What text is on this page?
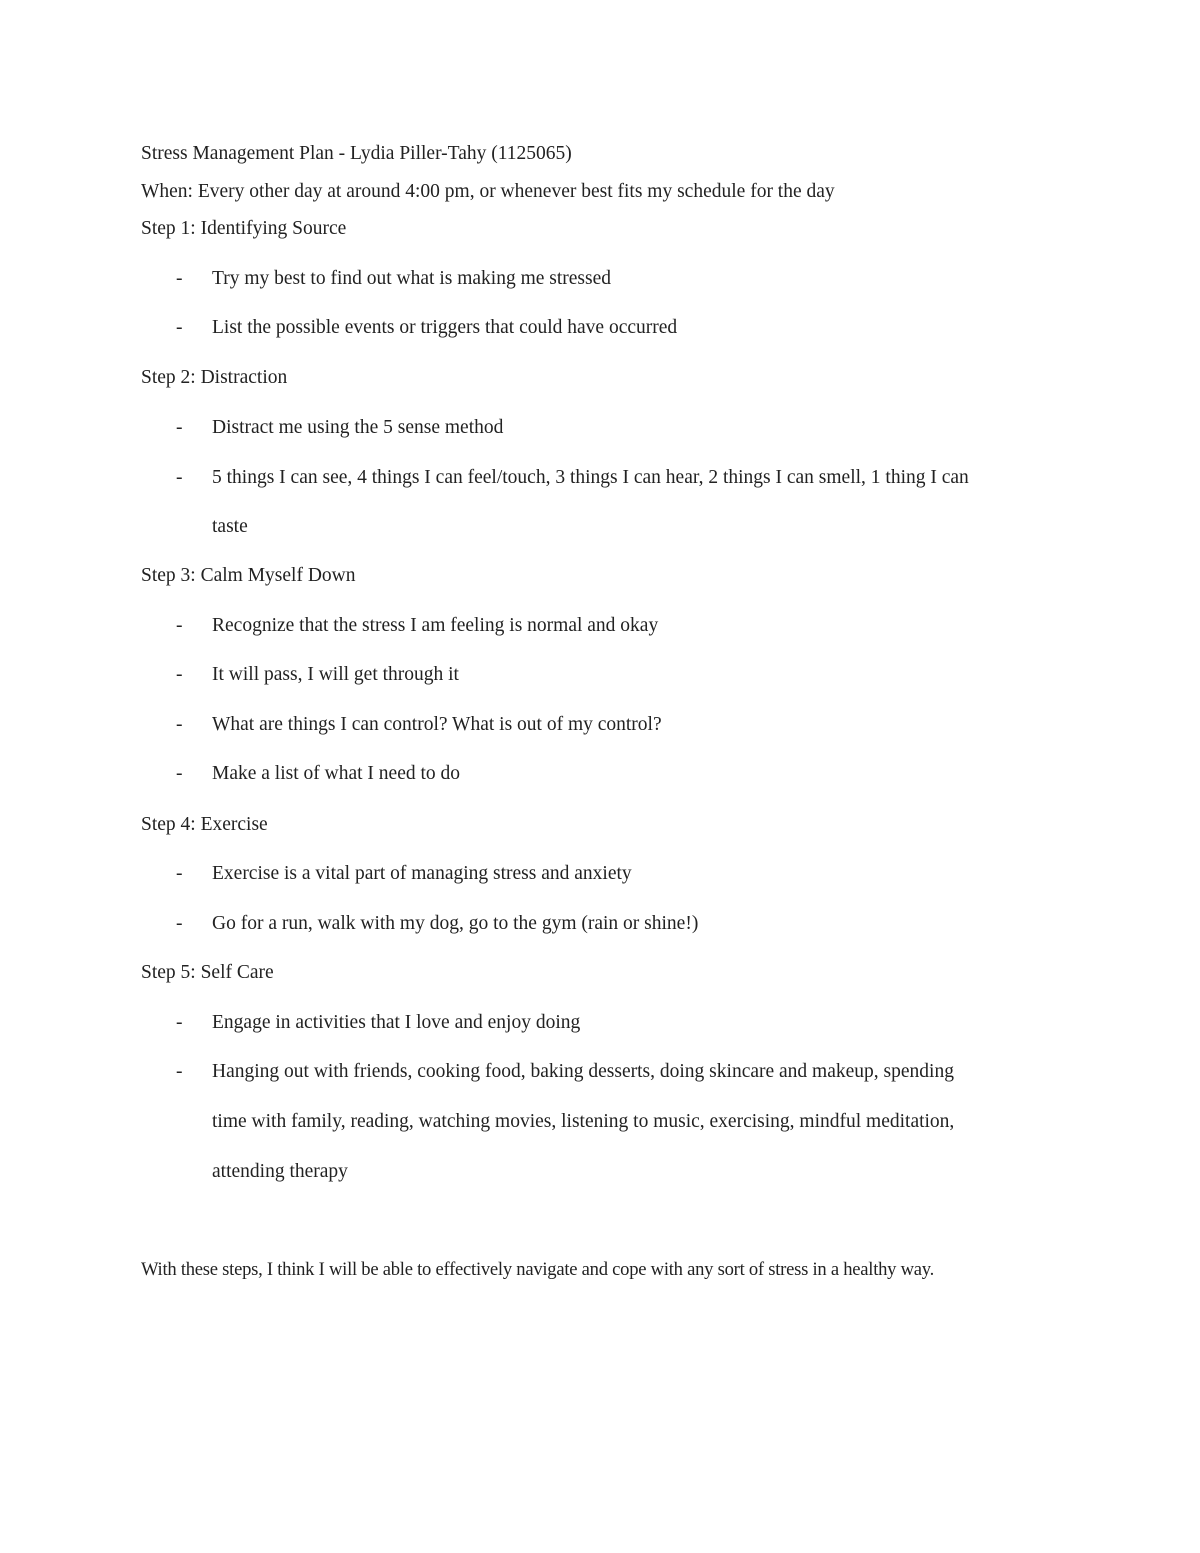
Stress Management Plan - Lydia Piller-Tahy (1125065)
When: Every other day at around 4:00 pm, or whenever best fits my schedule for the day
Step 1: Identifying Source
- Try my best to find out what is making me stressed
- List the possible events or triggers that could have occurred
Step 2: Distraction
- Distract me using the 5 sense method
- 5 things I can see, 4 things I can feel/touch, 3 things I can hear, 2 things I can smell, 1 thing I can
taste
Step 3: Calm Myself Down
- Recognize that the stress I am feeling is normal and okay
- It will pass, I will get through it
- What are things I can control? What is out of my control?
- Make a list of what I need to do
Step 4: Exercise
- Exercise is a vital part of managing stress and anxiety
- Go for a run, walk with my dog, go to the gym (rain or shine!)
Step 5: Self Care
- Engage in activities that I love and enjoy doing
- Hanging out with friends, cooking food, baking desserts, doing skincare and makeup, spending
time with family, reading, watching movies, listening to music, exercising, mindful meditation,
attending therapy
With these steps, I think I will be able to effectively navigate and cope with any sort of stress in a healthy way.
